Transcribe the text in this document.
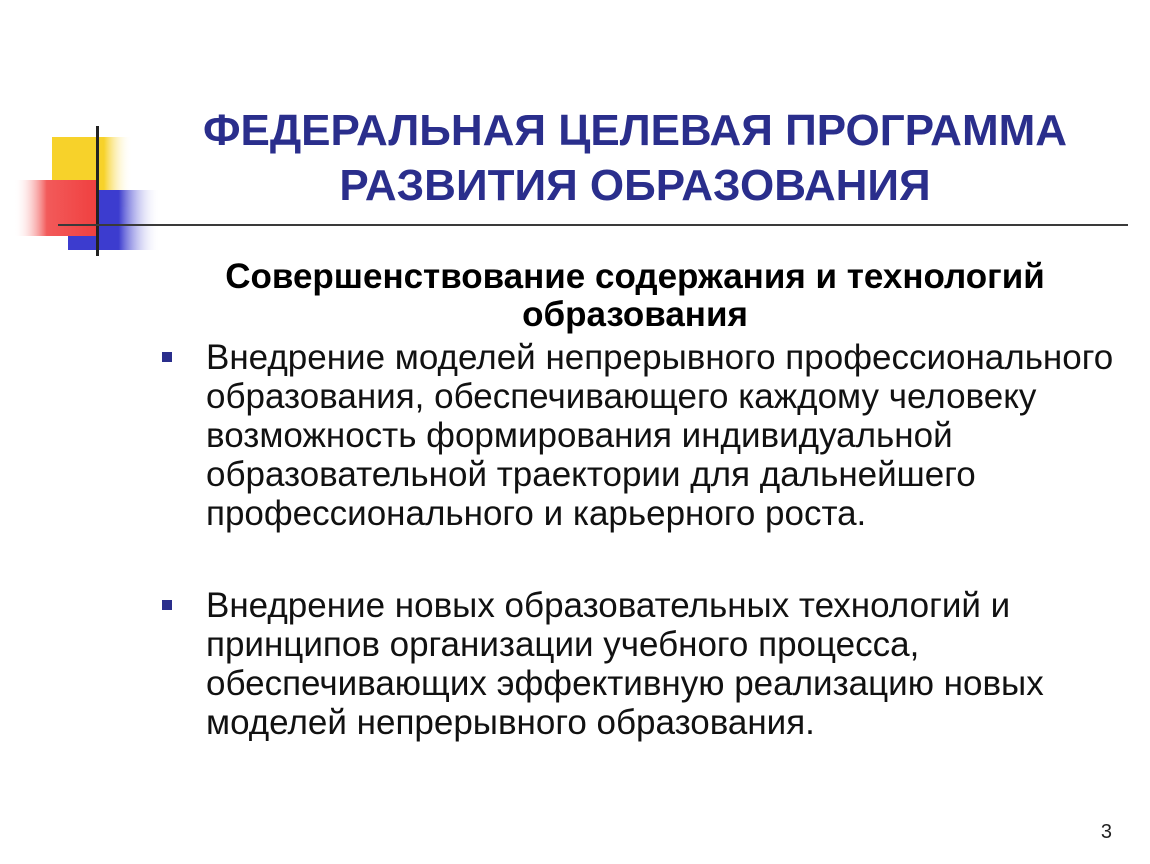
ФЕДЕРАЛЬНАЯ ЦЕЛЕВАЯ ПРОГРАММА
РАЗВИТИЯ ОБРАЗОВАНИЯ
Совершенствование содержания и технологий образования
Внедрение моделей непрерывного профессионального образования, обеспечивающего каждому человеку возможность формирования индивидуальной образовательной траектории для дальнейшего профессионального и карьерного роста.
Внедрение новых образовательных технологий и принципов организации учебного процесса, обеспечивающих эффективную реализацию новых моделей непрерывного образования.
3
